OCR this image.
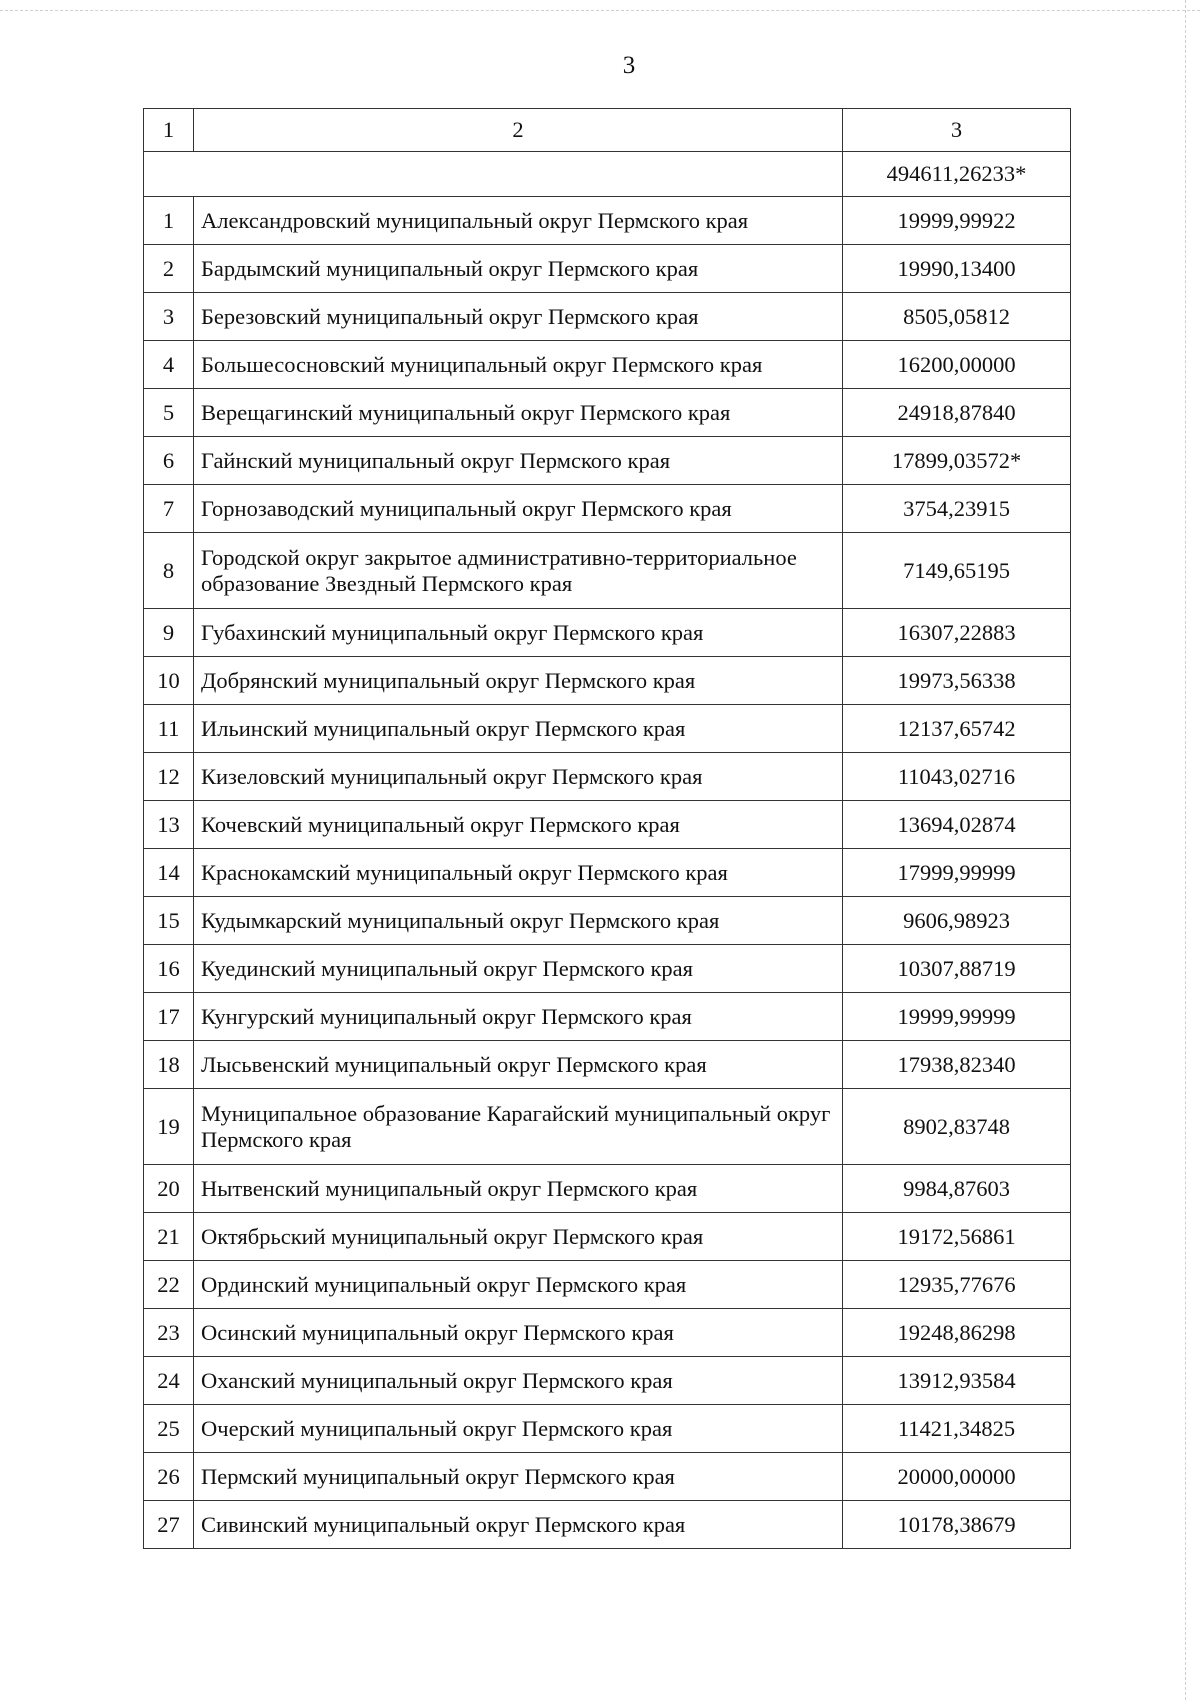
3
1	2	3
		494611,26233*
1	Александровский муниципальный округ Пермского края	19999,99922
2	Бардымский муниципальный округ Пермского края	19990,13400
3	Березовский муниципальный округ Пермского края	8505,05812
4	Большесосновский муниципальный округ Пермского края	16200,00000
5	Верещагинский муниципальный округ Пермского края	24918,87840
6	Гайнский муниципальный округ Пермского края	17899,03572*
7	Горнозаводский муниципальный округ Пермского края	3754,23915
8	Городской округ закрытое административно-территориальное образование Звездный Пермского края	7149,65195
9	Губахинский муниципальный округ Пермского края	16307,22883
10	Добрянский муниципальный округ Пермского края	19973,56338
11	Ильинский муниципальный округ Пермского края	12137,65742
12	Кизеловский муниципальный округ Пермского края	11043,02716
13	Кочевский муниципальный округ Пермского края	13694,02874
14	Краснокамский муниципальный округ Пермского края	17999,99999
15	Кудымкарский муниципальный округ Пермского края	9606,98923
16	Куединский муниципальный округ Пермского края	10307,88719
17	Кунгурский муниципальный округ Пермского края	19999,99999
18	Лысьвенский муниципальный округ Пермского края	17938,82340
19	Муниципальное образование Карагайский муниципальный округ Пермского края	8902,83748
20	Нытвенский муниципальный округ Пермского края	9984,87603
21	Октябрьский муниципальный округ Пермского края	19172,56861
22	Ординский муниципальный округ Пермского края	12935,77676
23	Осинский муниципальный округ Пермского края	19248,86298
24	Оханский муниципальный округ Пермского края	13912,93584
25	Очерский муниципальный округ Пермского края	11421,34825
26	Пермский муниципальный округ Пермского края	20000,00000
27	Сивинский муниципальный округ Пермского края	10178,38679
